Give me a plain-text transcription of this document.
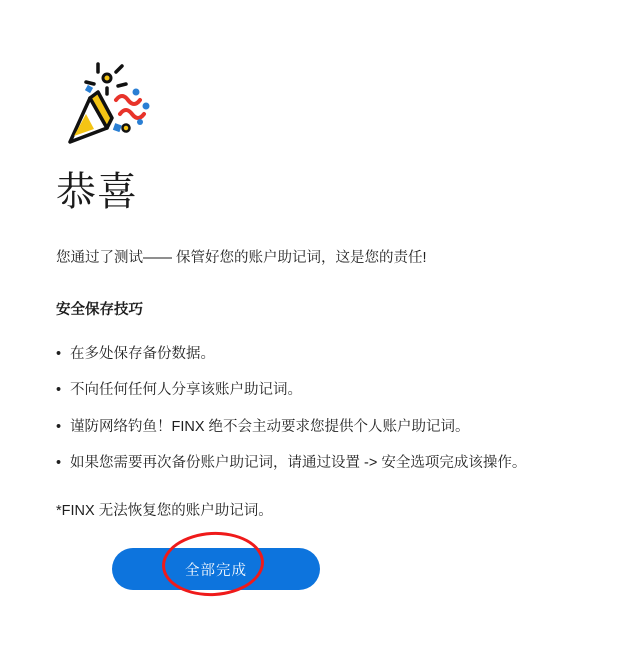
恭喜

您通过了测试—— 保管好您的账户助记词，这是您的责任!

安全保存技巧

• 在多处保存备份数据。
• 不向任何任何人分享该账户助记词。
• 谨防网络钓鱼！FINX 绝不会主动要求您提供个人账户助记词。
• 如果您需要再次备份账户助记词，请通过设置 -> 安全选项完成该操作。

*FINX 无法恢复您的账户助记词。

全部完成
